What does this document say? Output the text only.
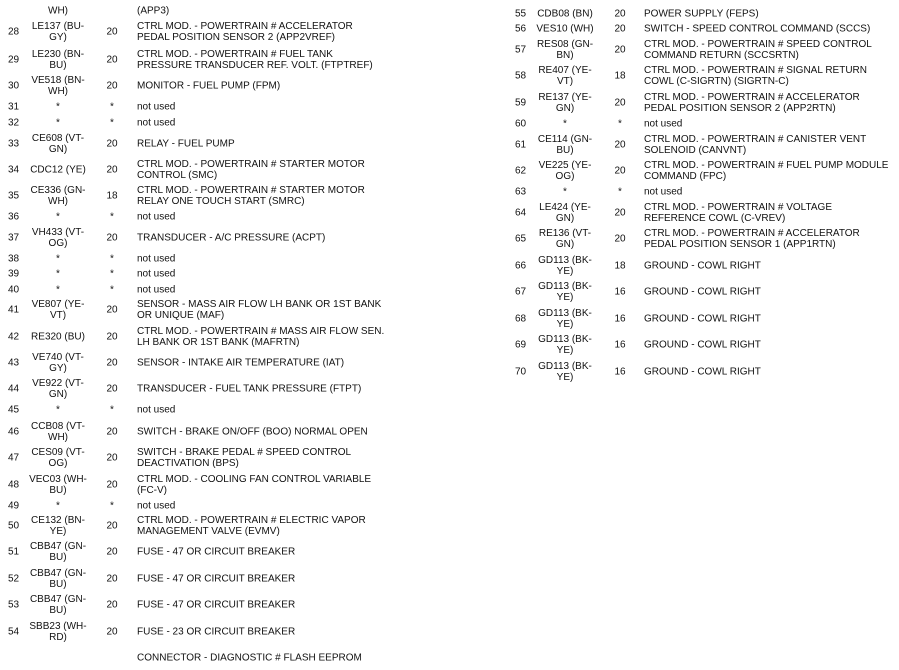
WH)	(APP3)
28	LE137 (BU-
GY)	20	CTRL MOD. - POWERTRAIN # ACCELERATOR
PEDAL POSITION SENSOR 2 (APP2VREF)
29	LE230 (BN-
BU)	20	CTRL MOD. - POWERTRAIN # FUEL TANK
PRESSURE TRANSDUCER REF. VOLT. (FTPTREF)
30	VE518 (BN-
WH)	20	MONITOR - FUEL PUMP (FPM)
31	*	*	not used
32	*	*	not used
33	CE608 (VT-
GN)	20	RELAY - FUEL PUMP
34	CDC12 (YE)	20	CTRL MOD. - POWERTRAIN # STARTER MOTOR
CONTROL (SMC)
35	CE336 (GN-
WH)	18	CTRL MOD. - POWERTRAIN # STARTER MOTOR
RELAY ONE TOUCH START (SMRC)
36	*	*	not used
37	VH433 (VT-
OG)	20	TRANSDUCER - A/C PRESSURE (ACPT)
38	*	*	not used
39	*	*	not used
40	*	*	not used
41	VE807 (YE-
VT)	20	SENSOR - MASS AIR FLOW LH BANK OR 1ST BANK
OR UNIQUE (MAF)
42	RE320 (BU)	20	CTRL MOD. - POWERTRAIN # MASS AIR FLOW SEN.
LH BANK OR 1ST BANK (MAFRTN)
43	VE740 (VT-
GY)	20	SENSOR - INTAKE AIR TEMPERATURE (IAT)
44	VE922 (VT-
GN)	20	TRANSDUCER - FUEL TANK PRESSURE (FTPT)
45	*	*	not used
46	CCB08 (VT-
WH)	20	SWITCH - BRAKE ON/OFF (BOO) NORMAL OPEN
47	CES09 (VT-
OG)	20	SWITCH - BRAKE PEDAL # SPEED CONTROL
DEACTIVATION (BPS)
48 VEC03 (WH-
BU)	20	CTRL MOD. - COOLING FAN CONTROL VARIABLE
(FC-V)
49	*	*	not used
50	CE132 (BN-
YE)	20	CTRL MOD. - POWERTRAIN # ELECTRIC VAPOR
MANAGEMENT VALVE (EVMV)
51	CBB47 (GN-
BU)	20	FUSE - 47 OR CIRCUIT BREAKER
52	CBB47 (GN-
BU)	20	FUSE - 47 OR CIRCUIT BREAKER
53	CBB47 (GN-
BU)	20	FUSE - 47 OR CIRCUIT BREAKER
54	SBB23 (WH-
RD)	20	FUSE - 23 OR CIRCUIT BREAKER
CONNECTOR - DIAGNOSTIC # FLASH EEPROM
55	CDB08 (BN)	20	POWER SUPPLY (FEPS)
56	VES10 (WH)	20	SWITCH - SPEED CONTROL COMMAND (SCCS)
57	RES08 (GN-
BN)	20	CTRL MOD. - POWERTRAIN # SPEED CONTROL
COMMAND RETURN (SCCSRTN)
58	RE407 (YE-
VT)	18	CTRL MOD. - POWERTRAIN # SIGNAL RETURN
COWL (C-SIGRTN) (SIGRTN-C)
59	RE137 (YE-
GN)	20	CTRL MOD. - POWERTRAIN # ACCELERATOR
PEDAL POSITION SENSOR 2 (APP2RTN)
60	*	*	not used
61	CE114 (GN-
BU)	20	CTRL MOD. - POWERTRAIN # CANISTER VENT
SOLENOID (CANVNT)
62	VE225 (YE-
OG)	20	CTRL MOD. - POWERTRAIN # FUEL PUMP MODULE
COMMAND (FPC)
63	*	*	not used
64	LE424 (YE-
GN)	20	CTRL MOD. - POWERTRAIN # VOLTAGE
REFERENCE COWL (C-VREV)
65	RE136 (VT-
GN)	20	CTRL MOD. - POWERTRAIN # ACCELERATOR
PEDAL POSITION SENSOR 1 (APP1RTN)
66	GD113 (BK-
YE)	18	GROUND - COWL RIGHT
67	GD113 (BK-
YE)	16	GROUND - COWL RIGHT
68	GD113 (BK-
YE)	16	GROUND - COWL RIGHT
69	GD113 (BK-
YE)	16	GROUND - COWL RIGHT
70	GD113 (BK-
YE)	16	GROUND - COWL RIGHT
